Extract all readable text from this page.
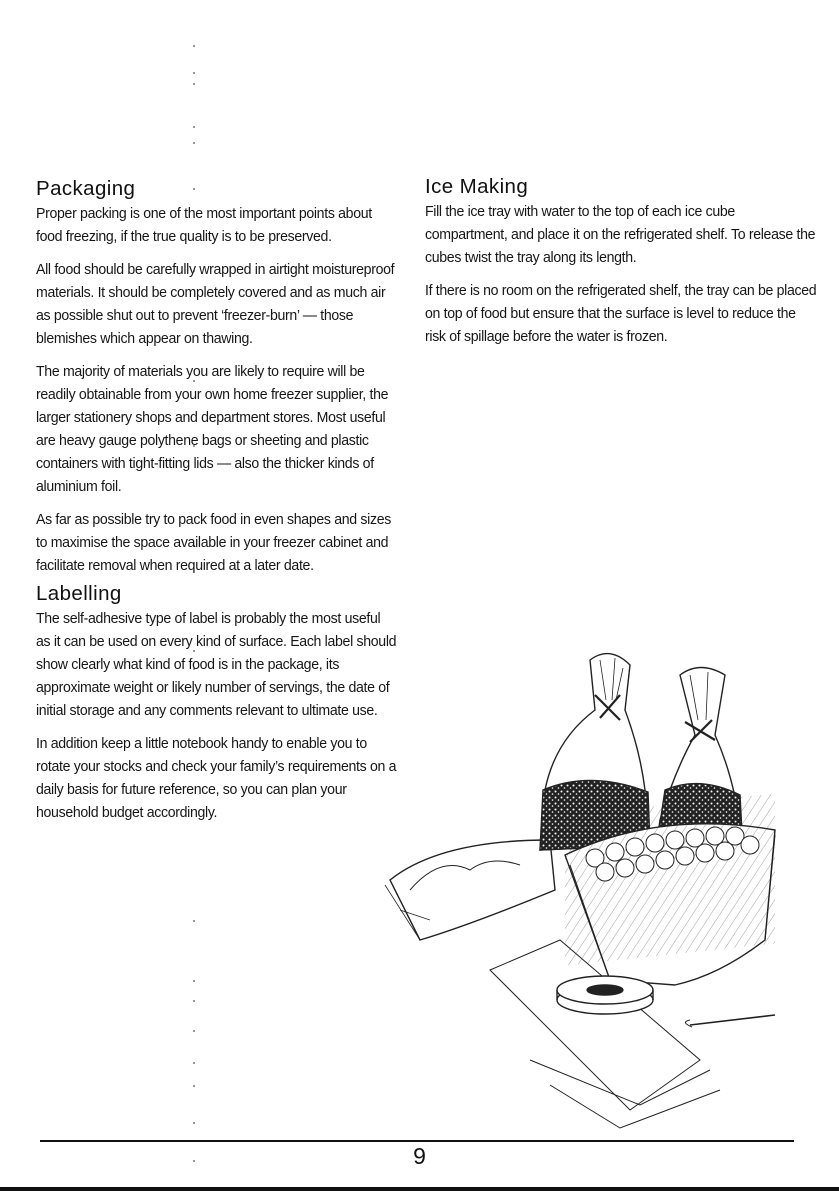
Packaging

Proper packing is one of the most important points about food freezing, if the true quality is to be preserved.

All food should be carefully wrapped in airtight moistureproof materials. It should be completely covered and as much air as possible shut out to prevent ‘freezer-burn’ — those blemishes which appear on thawing.

The majority of materials you are likely to require will be readily obtainable from your own home freezer supplier, the larger stationery shops and department stores. Most useful are heavy gauge polythene bags or sheeting and plastic containers with tight-fitting lids — also the thicker kinds of aluminium foil.

As far as possible try to pack food in even shapes and sizes to maximise the space available in your freezer cabinet and facilitate removal when required at a later date.

Labelling

The self-adhesive type of label is probably the most useful as it can be used on every kind of surface. Each label should show clearly what kind of food is in the package, its approximate weight or likely number of servings, the date of initial storage and any comments relevant to ultimate use.

In addition keep a little notebook handy to enable you to rotate your stocks and check your family’s requirements on a daily basis for future reference, so you can plan your household budget accordingly.

Ice Making

Fill the ice tray with water to the top of each ice cube compartment, and place it on the refrigerated shelf. To release the cubes twist the tray along its length.

If there is no room on the refrigerated shelf, the tray can be placed on top of food but ensure that the surface is level to reduce the risk of spillage before the water is frozen.

9
